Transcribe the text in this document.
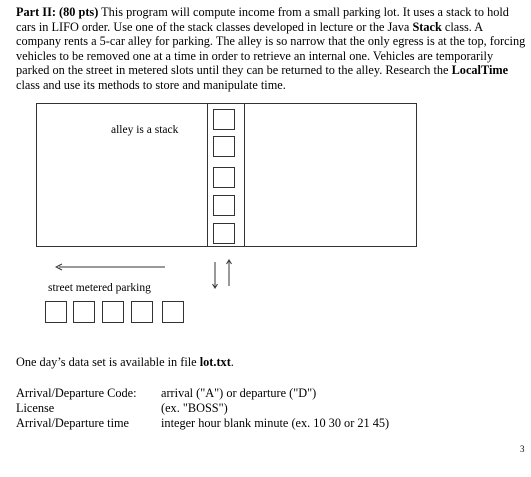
Part II: (80 pts) This program will compute income from a small parking lot. It uses a stack to hold cars in LIFO order. Use one of the stack classes developed in lecture or the Java Stack class. A company rents a 5-car alley for parking. The alley is so narrow that the only egress is at the top, forcing vehicles to be removed one at a time in order to retrieve an internal one. Vehicles are temporarily parked on the street in metered slots until they can be returned to the alley. Research the LocalTime class and use its methods to store and manipulate time.

alley is a stack
street metered parking
One day’s data set is available in file lot.txt.
Arrival/Departure Code: arrival ("A") or departure ("D")
License	(ex. "BOSS")
Arrival/Departure time	integer hour blank minute (ex. 10 30 or 21 45)
3
